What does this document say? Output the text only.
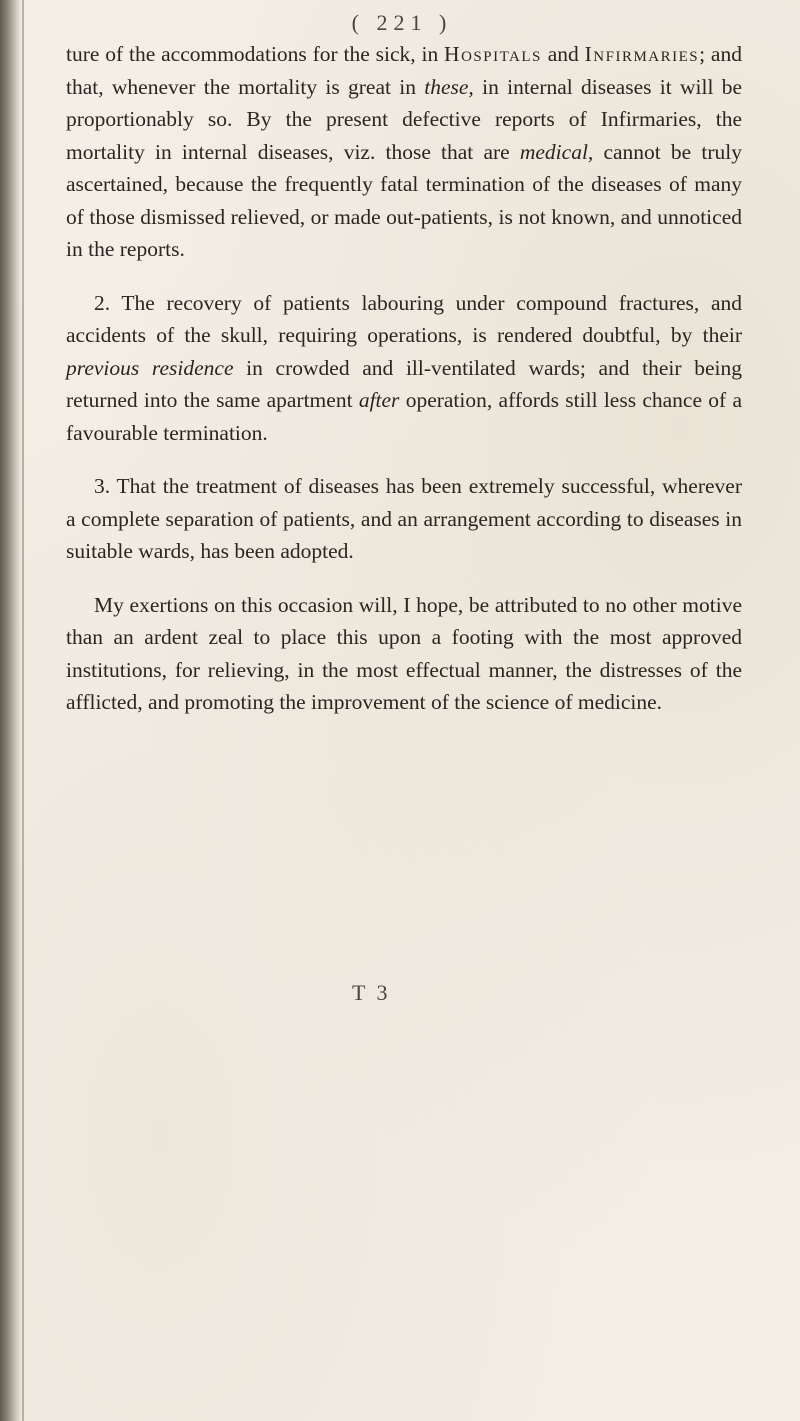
( 221 )

ture of the accommodations for the sick, in Hospitals and Infirmaries; and that, whenever the mortality is great in these, in internal diseases it will be proportionably so. By the present defective reports of Infirmaries, the mortality in internal diseases, viz. those that are medical, cannot be truly ascertained, because the frequently fatal termination of the diseases of many of those dismissed relieved, or made out-patients, is not known, and unnoticed in the reports.

2. The recovery of patients labouring under compound fractures, and accidents of the skull, requiring operations, is rendered doubtful, by their previous residence in crowded and ill-ventilated wards; and their being returned into the same apartment after operation, affords still less chance of a favourable termination.

3. That the treatment of diseases has been extremely successful, wherever a complete separation of patients, and an arrangement according to diseases in suitable wards, has been adopted.

My exertions on this occasion will, I hope, be attributed to no other motive than an ardent zeal to place this upon a footing with the most approved institutions, for relieving, in the most effectual manner, the distresses of the afflicted, and promoting the improvement of the science of medicine.

T 3
